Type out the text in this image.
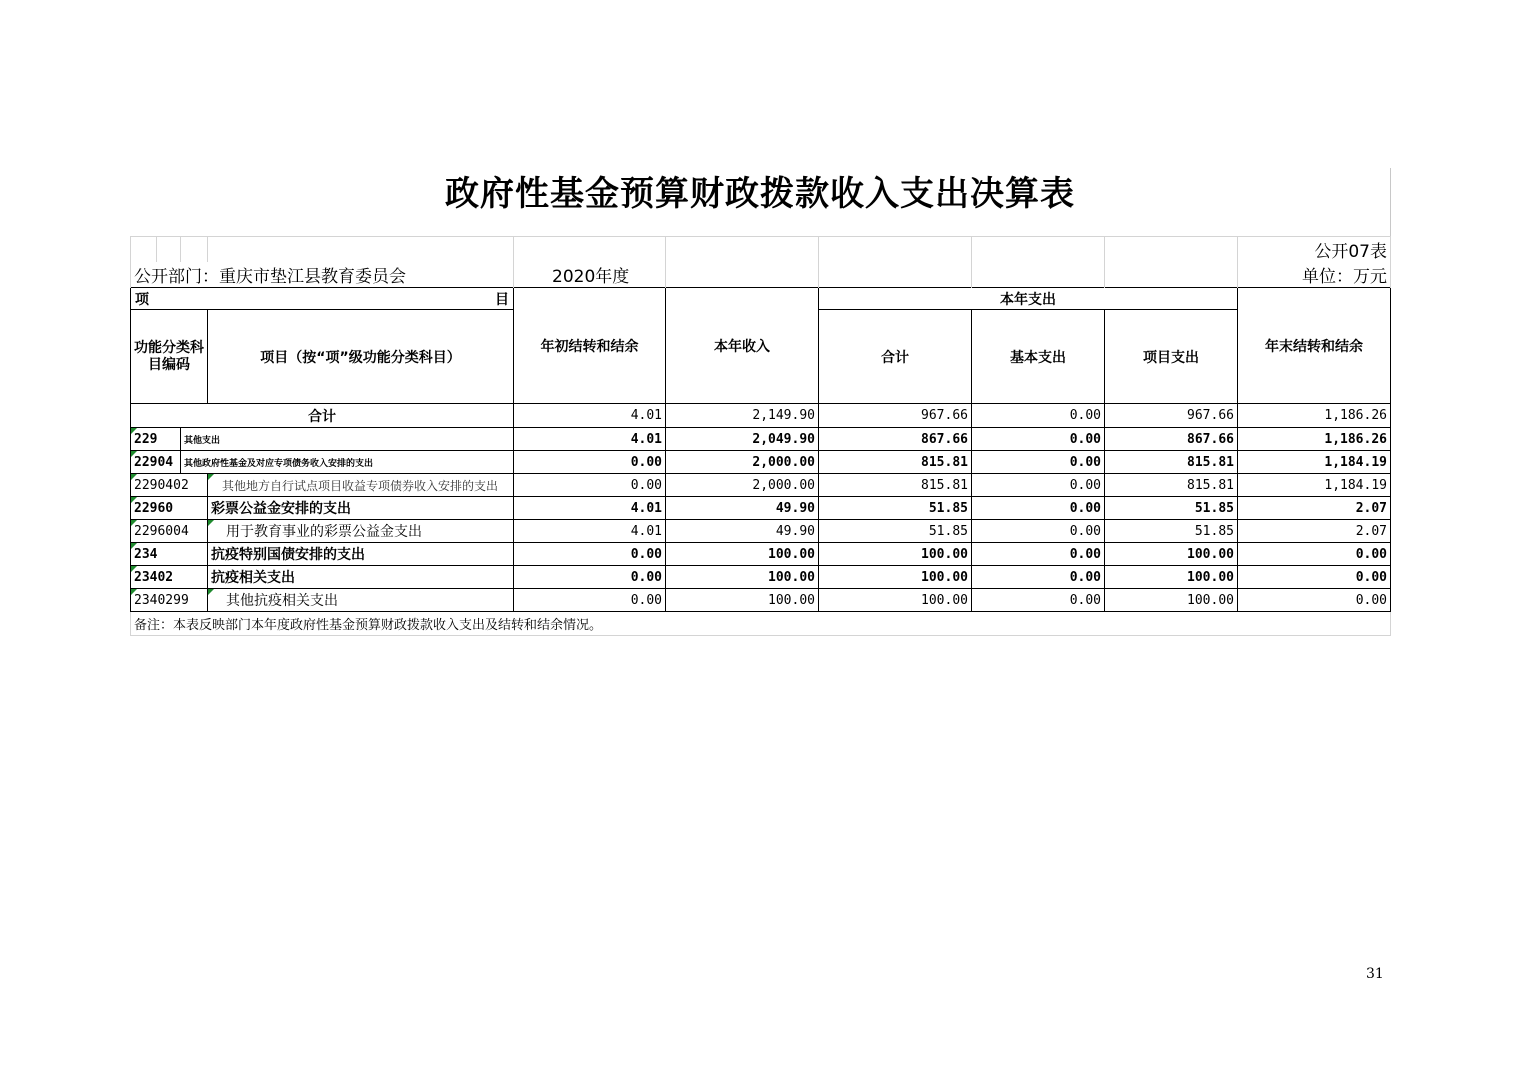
政府性基金预算财政拨款收入支出决算表
									公开07表
公开部门：重庆市垫江县教育委员会				2020年度					单位：万元
项 目				年初结转和结余	本年收入	本年支出			年末结转和结余
功能分类科目编码			项目（按“项”级功能分类科目）			合计	基本支出	项目支出	
合计				4.01	2,149.90	967.66	0.00	967.66	1,186.26
229		其他支出		4.01	2,049.90	867.66	0.00	867.66	1,186.26
22904		其他政府性基金及对应专项债务收入安排的支出		0.00	2,000.00	815.81	0.00	815.81	1,184.19
2290402			其他地方自行试点项目收益专项债券收入安排的支出	0.00	2,000.00	815.81	0.00	815.81	1,184.19
22960			彩票公益金安排的支出	4.01	49.90	51.85	0.00	51.85	2.07
2296004			用于教育事业的彩票公益金支出	4.01	49.90	51.85	0.00	51.85	2.07
234			抗疫特别国债安排的支出	0.00	100.00	100.00	0.00	100.00	0.00
23402			抗疫相关支出	0.00	100.00	100.00	0.00	100.00	0.00
2340299			其他抗疫相关支出	0.00	100.00	100.00	0.00	100.00	0.00
备注：本表反映部门本年度政府性基金预算财政拨款收入支出及结转和结余情况。									
31
